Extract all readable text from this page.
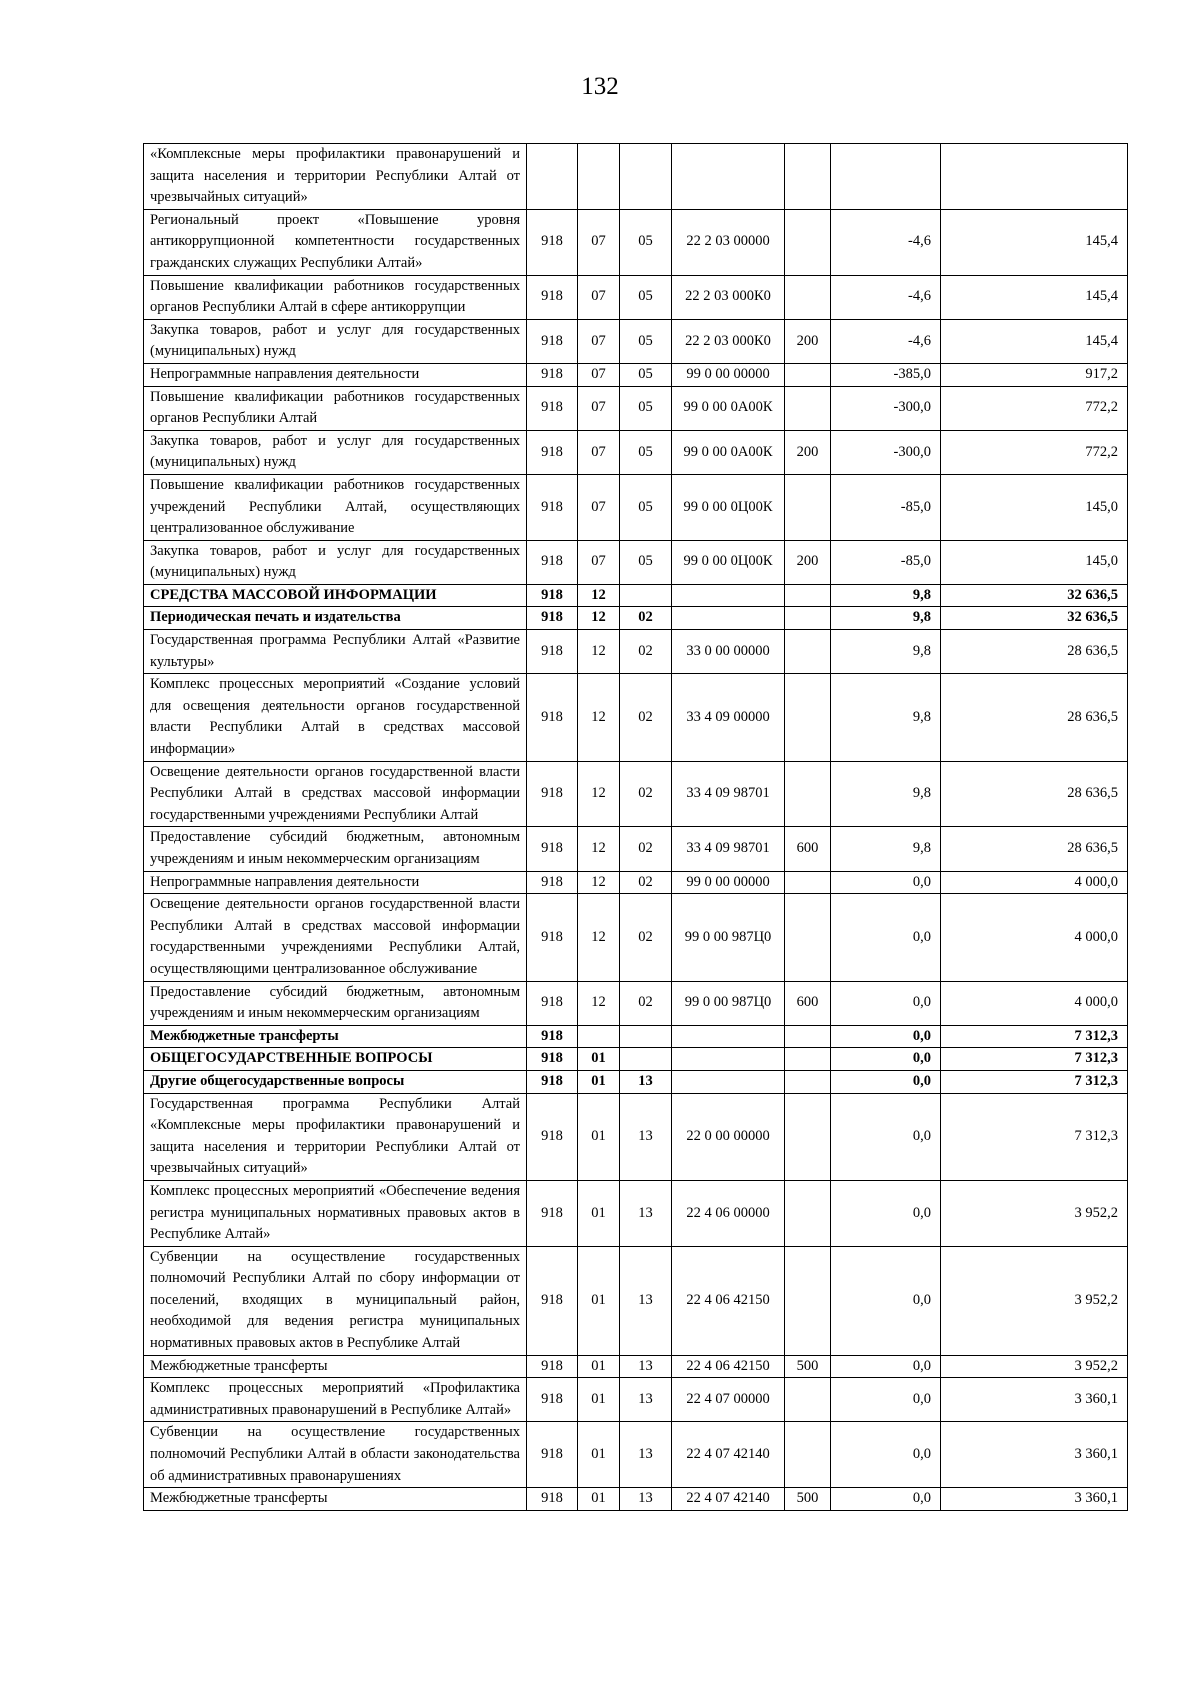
132
«Комплексные меры профилактики правонарушений и защита населения и территории Республики Алтай от чрезвычайных ситуаций»							
Региональный проект «Повышение уровня антикоррупционной компетентности государственных гражданских служащих Республики Алтай»	918	07	05	22 2 03 00000		-4,6	145,4
Повышение квалификации работников государственных органов Республики Алтай в сфере антикоррупции	918	07	05	22 2 03 000К0		-4,6	145,4
Закупка товаров, работ и услуг для государственных (муниципальных) нужд	918	07	05	22 2 03 000К0	200	-4,6	145,4
Непрограммные направления деятельности	918	07	05	99 0 00 00000		-385,0	917,2
Повышение квалификации работников государственных органов Республики Алтай	918	07	05	99 0 00 0А00К		-300,0	772,2
Закупка товаров, работ и услуг для государственных (муниципальных) нужд	918	07	05	99 0 00 0А00К	200	-300,0	772,2
Повышение квалификации работников государственных учреждений Республики Алтай, осуществляющих централизованное обслуживание	918	07	05	99 0 00 0Ц00К		-85,0	145,0
Закупка товаров, работ и услуг для государственных (муниципальных) нужд	918	07	05	99 0 00 0Ц00К	200	-85,0	145,0
СРЕДСТВА МАССОВОЙ ИНФОРМАЦИИ	918	12				9,8	32 636,5
Периодическая печать и издательства	918	12	02			9,8	32 636,5
Государственная программа Республики Алтай «Развитие культуры»	918	12	02	33 0 00 00000		9,8	28 636,5
Комплекс процессных мероприятий «Создание условий для освещения деятельности органов государственной власти Республики Алтай в средствах массовой информации»	918	12	02	33 4 09 00000		9,8	28 636,5
Освещение деятельности органов государственной власти Республики Алтай в средствах массовой информации государственными учреждениями Республики Алтай	918	12	02	33 4 09 98701		9,8	28 636,5
Предоставление субсидий бюджетным, автономным учреждениям и иным некоммерческим организациям	918	12	02	33 4 09 98701	600	9,8	28 636,5
Непрограммные направления деятельности	918	12	02	99 0 00 00000		0,0	4 000,0
Освещение деятельности органов государственной власти Республики Алтай в средствах массовой информации государственными учреждениями Республики Алтай, осуществляющими централизованное обслуживание	918	12	02	99 0 00 987Ц0		0,0	4 000,0
Предоставление субсидий бюджетным, автономным учреждениям и иным некоммерческим организациям	918	12	02	99 0 00 987Ц0	600	0,0	4 000,0
Межбюджетные трансферты	918					0,0	7 312,3
ОБЩЕГОСУДАРСТВЕННЫЕ ВОПРОСЫ	918	01				0,0	7 312,3
Другие общегосударственные вопросы	918	01	13			0,0	7 312,3
Государственная программа Республики Алтай «Комплексные меры профилактики правонарушений и защита населения и территории Республики Алтай от чрезвычайных ситуаций»	918	01	13	22 0 00 00000		0,0	7 312,3
Комплекс процессных мероприятий «Обеспечение ведения регистра муниципальных нормативных правовых актов в Республике Алтай»	918	01	13	22 4 06 00000		0,0	3 952,2
Субвенции на осуществление государственных полномочий Республики Алтай по сбору информации от поселений, входящих в муниципальный район, необходимой для ведения регистра муниципальных нормативных правовых актов в Республике Алтай	918	01	13	22 4 06 42150		0,0	3 952,2
Межбюджетные трансферты	918	01	13	22 4 06 42150	500	0,0	3 952,2
Комплекс процессных мероприятий «Профилактика административных правонарушений в Республике Алтай»	918	01	13	22 4 07 00000		0,0	3 360,1
Субвенции на осуществление государственных полномочий Республики Алтай в области законодательства об административных правонарушениях	918	01	13	22 4 07 42140		0,0	3 360,1
Межбюджетные трансферты	918	01	13	22 4 07 42140	500	0,0	3 360,1
